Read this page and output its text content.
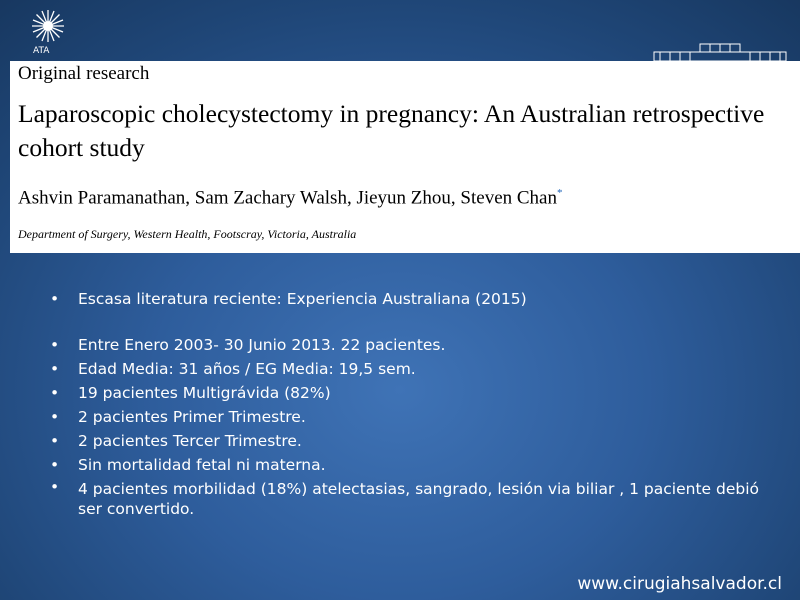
ATA
Original research
Laparoscopic cholecystectomy in pregnancy: An Australian retrospective cohort study

Ashvin Paramanathan, Sam Zachary Walsh, Jieyun Zhou, Steven Chan*

Department of Surgery, Western Health, Footscray, Victoria, Australia

• Escasa literatura reciente: Experiencia Australiana (2015)
• Entre Enero 2003- 30 Junio 2013. 22 pacientes.
• Edad Media: 31 años / EG Media: 19,5 sem.
• 19 pacientes Multigrávida (82%)
• 2 pacientes Primer Trimestre.
• 2 pacientes Tercer Trimestre.
• Sin mortalidad fetal ni materna.
• 4 pacientes morbilidad (18%) atelectasias, sangrado, lesión via biliar , 1 paciente debió ser convertido.
www.cirugiahsalvador.cl
